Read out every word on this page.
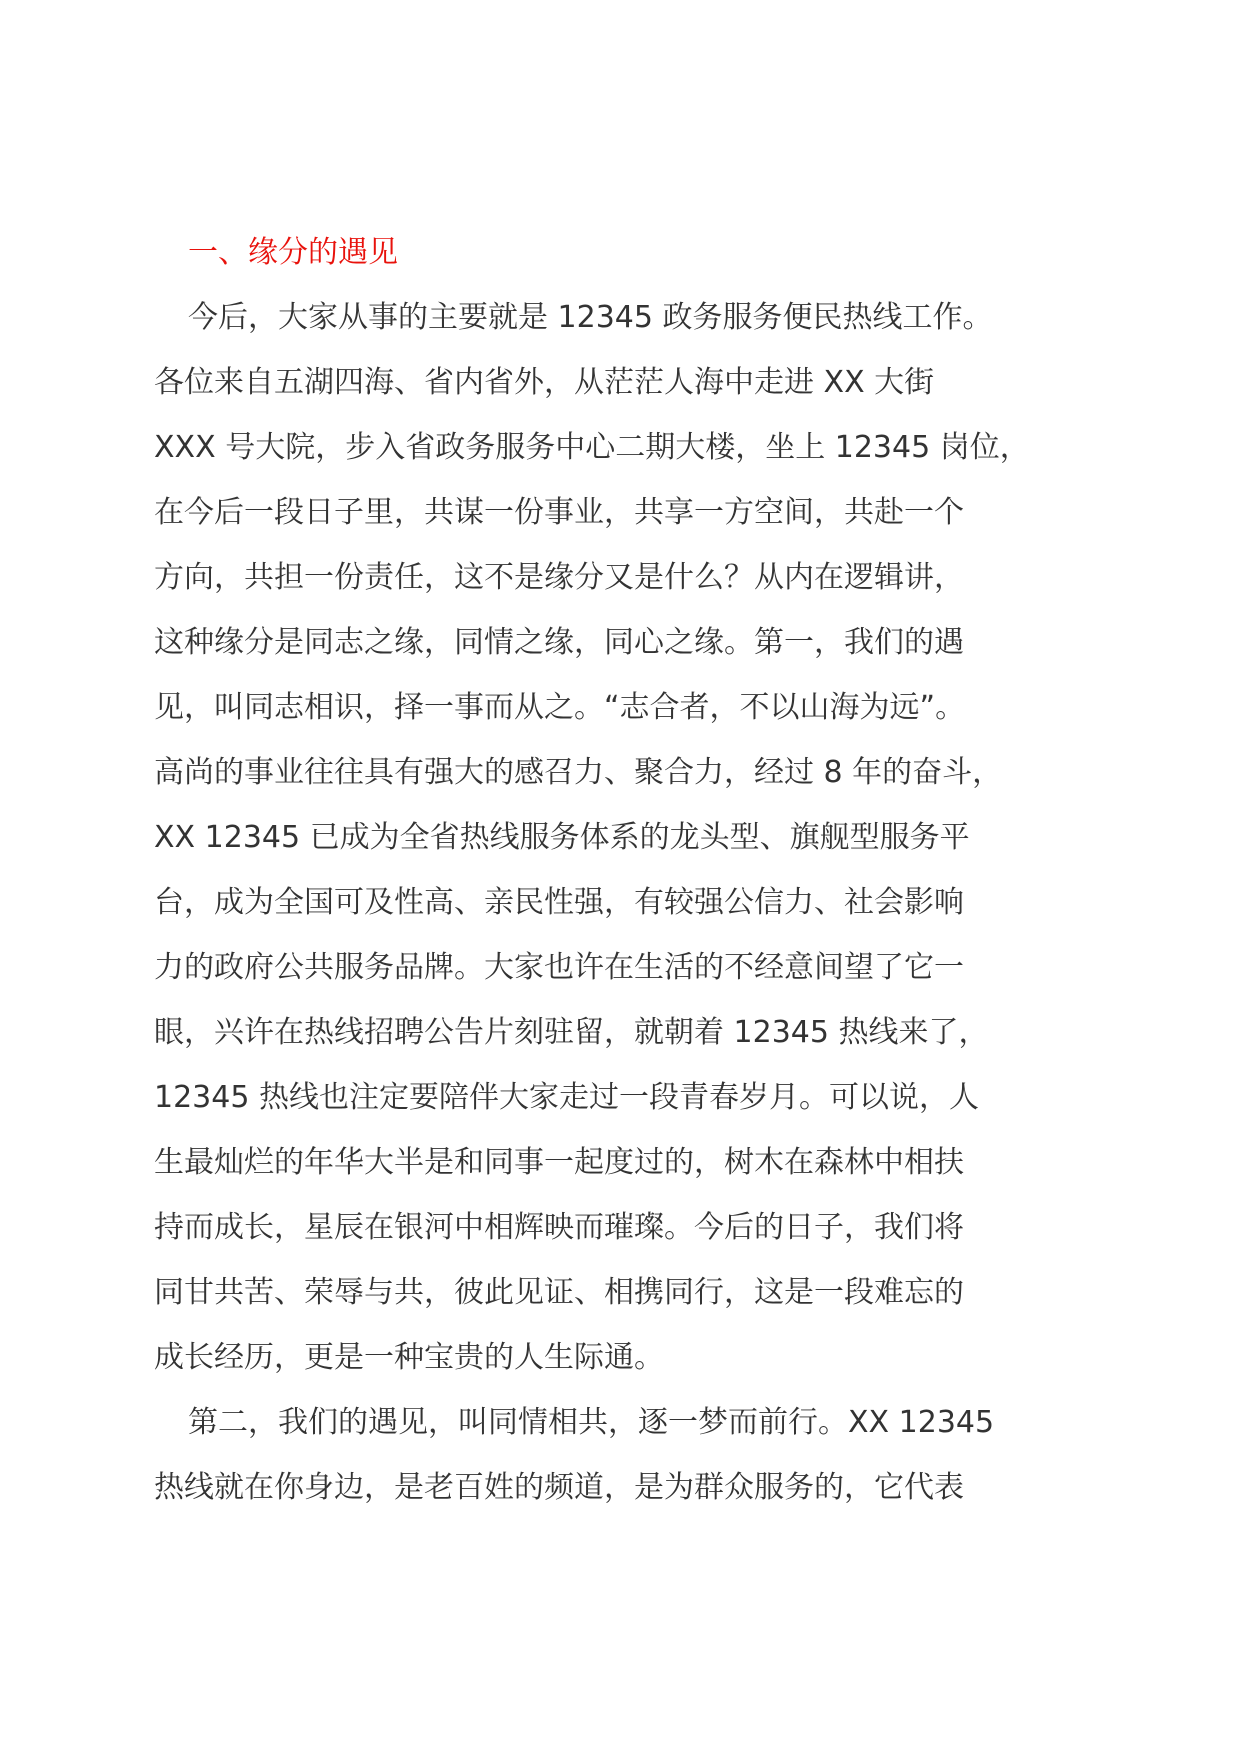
一、缘分的遇见

今后，大家从事的主要就是 12345 政务服务便民热线工作。
各位来自五湖四海、省内省外，从茫茫人海中走进 XX 大街
XXX 号大院，步入省政务服务中心二期大楼，坐上 12345 岗位，
在今后一段日子里，共谋一份事业，共享一方空间，共赴一个
方向，共担一份责任，这不是缘分又是什么？从内在逻辑讲，
这种缘分是同志之缘，同情之缘，同心之缘。第一，我们的遇
见，叫同志相识，择一事而从之。“志合者，不以山海为远”。
高尚的事业往往具有强大的感召力、聚合力，经过 8 年的奋斗，
XX 12345 已成为全省热线服务体系的龙头型、旗舰型服务平
台，成为全国可及性高、亲民性强，有较强公信力、社会影响
力的政府公共服务品牌。大家也许在生活的不经意间望了它一
眼，兴许在热线招聘公告片刻驻留，就朝着 12345 热线来了，
12345 热线也注定要陪伴大家走过一段青春岁月。可以说，人
生最灿烂的年华大半是和同事一起度过的，树木在森林中相扶
持而成长，星辰在银河中相辉映而璀璨。今后的日子，我们将
同甘共苦、荣辱与共，彼此见证、相携同行，这是一段难忘的
成长经历，更是一种宝贵的人生际通。

第二，我们的遇见，叫同情相共，逐一梦而前行。XX 12345
热线就在你身边，是老百姓的频道，是为群众服务的，它代表
